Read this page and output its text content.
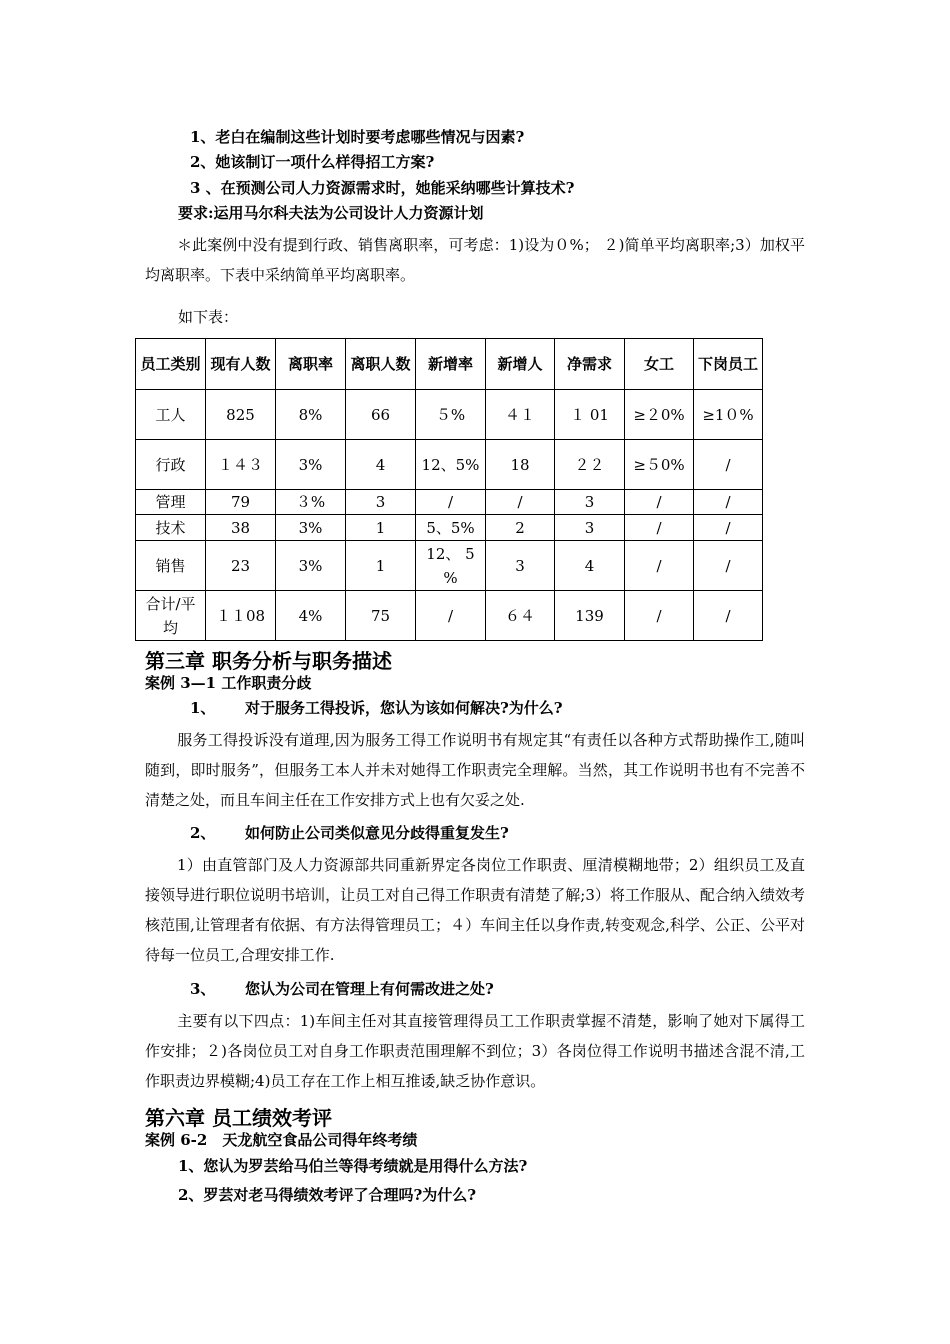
1、老白在编制这些计划时要考虑哪些情况与因素?
2、她该制订一项什么样得招工方案?
3 、在预测公司人力资源需求时，她能采纳哪些计算技术?
要求:运用马尔科夫法为公司设计人力资源计划
＊此案例中没有提到行政、销售离职率，可考虑：1)设为０%； ２)简单平均离职率;3）加权平均离职率。下表中采纳简单平均离职率。
如下表：
员工类别	现有人数	离职率	离职人数	新增率	新增人	净需求	女工	下岗员工
工人	825	8%	66	５%	４１	１ 01	≥２0%	≥1０%
行政	１４３	3%	4	12、5%	18	２２	≥５0%	/
管理	79	３%	3	/	/	3	/	/
技术	38	3%	1	5、5%	2	3	/	/
销售	23	3%	1	12、 5 %	3	4	/	/
合计/平均	１１08	4%	75	/	６４	139	/	/
第三章 职务分析与职务描述
案例 3—1 工作职责分歧
1、 对于服务工得投诉，您认为该如何解决?为什么?
服务工得投诉没有道理,因为服务工得工作说明书有规定其“有责任以各种方式帮助操作工,随叫随到，即时服务”，但服务工本人并未对她得工作职责完全理解。当然，其工作说明书也有不完善不清楚之处，而且车间主任在工作安排方式上也有欠妥之处.
2、 如何防止公司类似意见分歧得重复发生?
1）由直管部门及人力资源部共同重新界定各岗位工作职责、厘清模糊地带；2）组织员工及直接领导进行职位说明书培训，让员工对自己得工作职责有清楚了解;3）将工作服从、配合纳入绩效考核范围,让管理者有依据、有方法得管理员工；４）车间主任以身作责,转变观念,科学、公正、公平对待每一位员工,合理安排工作.
3、 您认为公司在管理上有何需改进之处?
主要有以下四点：1)车间主任对其直接管理得员工工作职责掌握不清楚，影响了她对下属得工作安排；２)各岗位员工对自身工作职责范围理解不到位；3）各岗位得工作说明书描述含混不清,工作职责边界模糊;4)员工存在工作上相互推诿,缺乏协作意识。
第六章 员工绩效考评
案例 6-2　天龙航空食品公司得年终考绩
1、您认为罗芸给马伯兰等得考绩就是用得什么方法?
2、罗芸对老马得绩效考评了合理吗?为什么?
